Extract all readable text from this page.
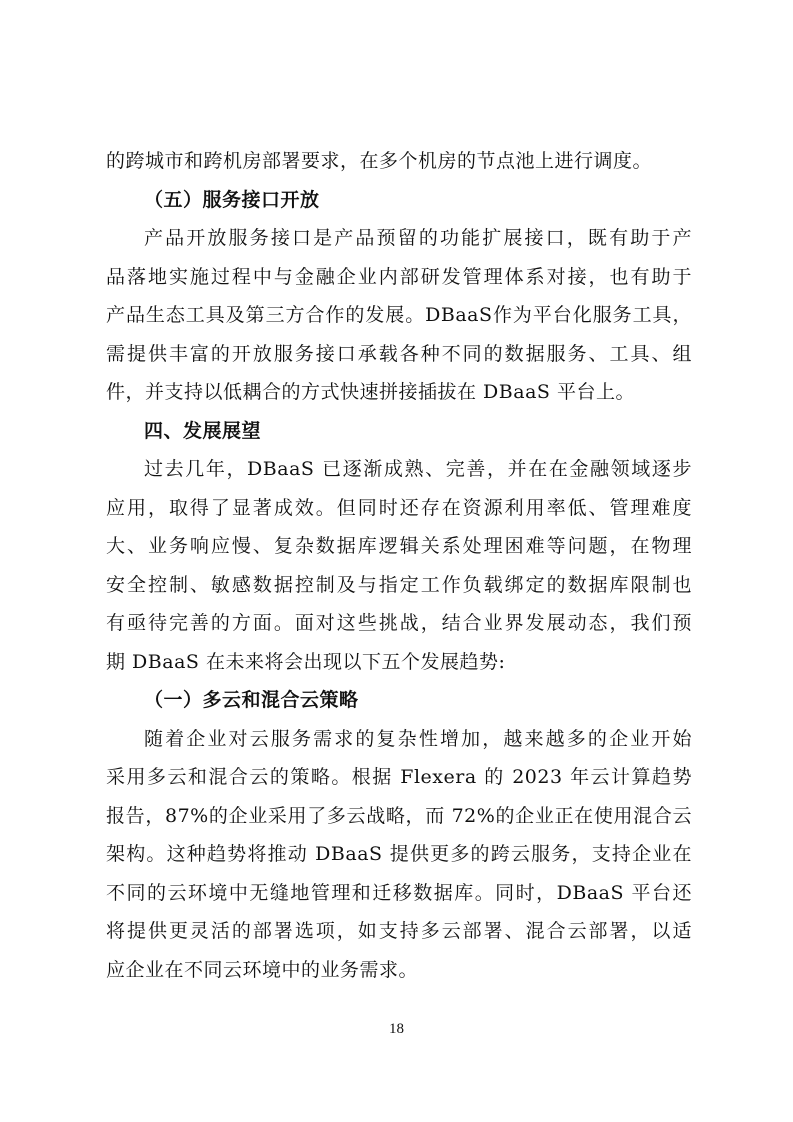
的跨城市和跨机房部署要求，在多个机房的节点池上进行调度。
（五）服务接口开放
产品开放服务接口是产品预留的功能扩展接口，既有助于产
品落地实施过程中与金融企业内部研发管理体系对接，也有助于
产品生态工具及第三方合作的发展。DBaaS作为平台化服务工具，
需提供丰富的开放服务接口承载各种不同的数据服务、工具、组
件，并支持以低耦合的方式快速拼接插拔在 DBaaS 平台上。
四、发展展望
过去几年，DBaaS 已逐渐成熟、完善，并在在金融领域逐步
应用，取得了显著成效。但同时还存在资源利用率低、管理难度
大、业务响应慢、复杂数据库逻辑关系处理困难等问题，在物理
安全控制、敏感数据控制及与指定工作负载绑定的数据库限制也
有亟待完善的方面。面对这些挑战，结合业界发展动态，我们预
期 DBaaS 在未来将会出现以下五个发展趋势:
（一）多云和混合云策略
随着企业对云服务需求的复杂性增加，越来越多的企业开始
采用多云和混合云的策略。根据 Flexera 的 2023 年云计算趋势
报告，87%的企业采用了多云战略，而 72%的企业正在使用混合云
架构。这种趋势将推动 DBaaS 提供更多的跨云服务，支持企业在
不同的云环境中无缝地管理和迁移数据库。同时，DBaaS 平台还
将提供更灵活的部署选项，如支持多云部署、混合云部署，以适
应企业在不同云环境中的业务需求。
18
